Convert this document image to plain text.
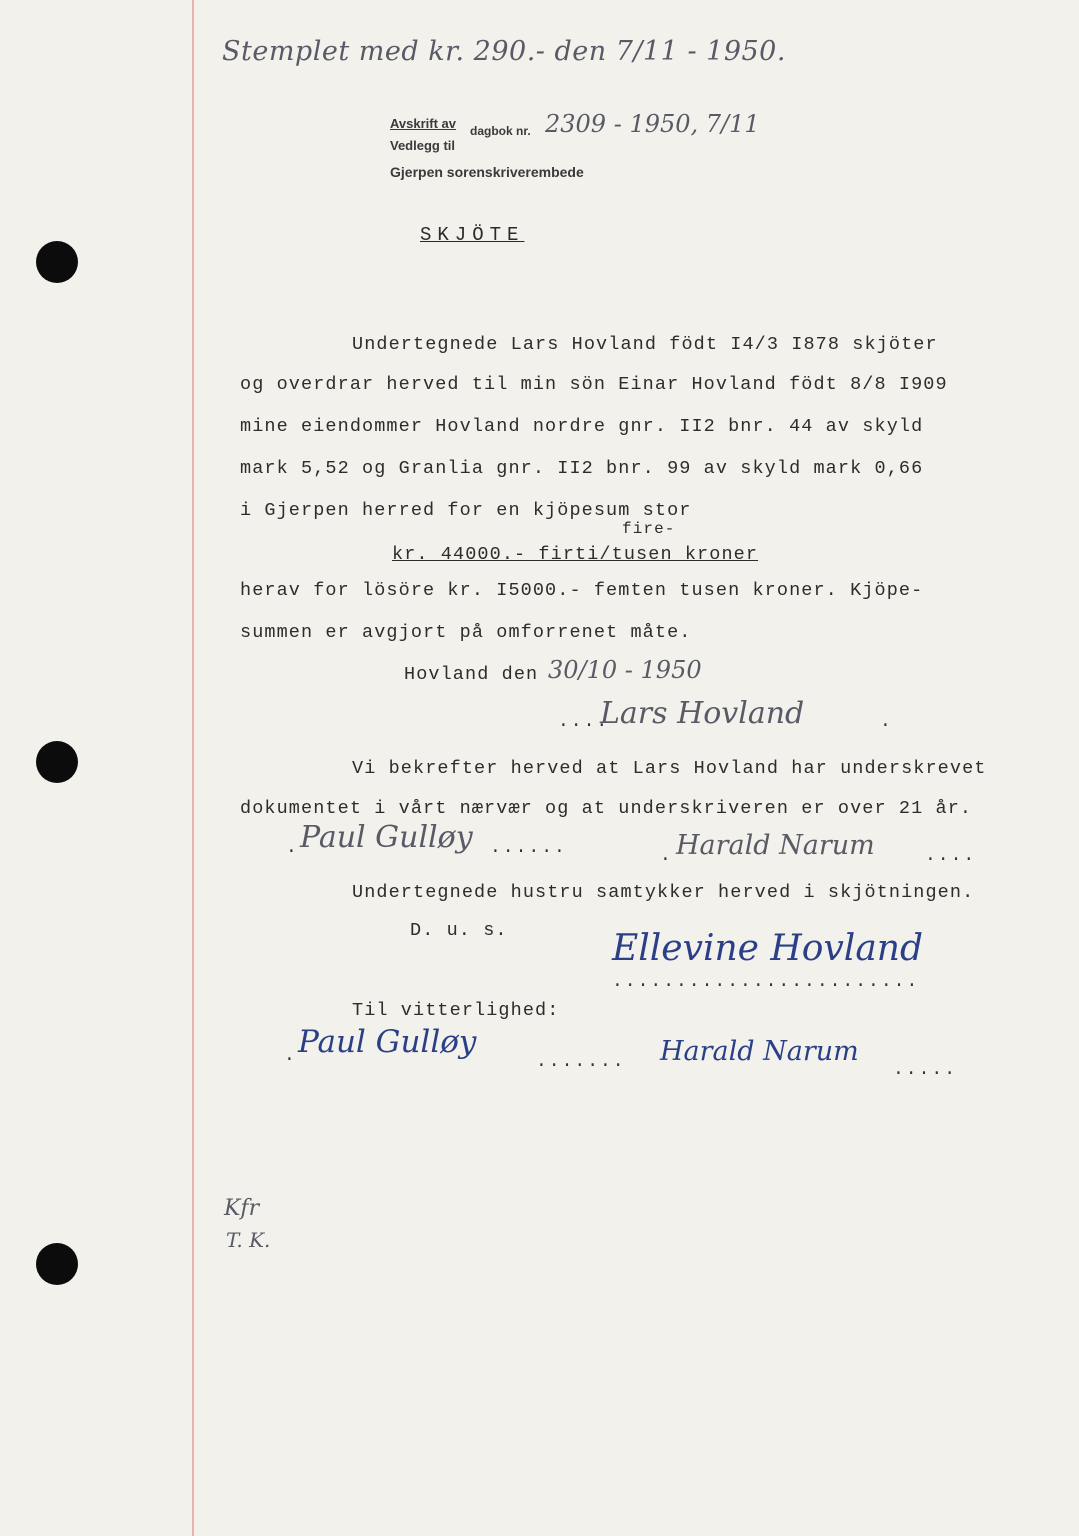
Stemplet med kr. 290.- den 7/11 - 1950.
Avskrift av dagbok nr. 2309 - 1950, 7/11
Vedlegg til
Gjerpen sorenskriverembede
SKJÖTE
Undertegnede Lars Hovland födt I4/3 I878 skjöter
og overdrar herved til min sön Einar Hovland födt 8/8 I909
mine eiendommer Hovland nordre gnr. II2 bnr. 44 av skyld
mark 5,52 og Granlia gnr. II2 bnr. 99 av skyld mark 0,66
i Gjerpen herred for en kjöpesum stor
fire-
kr. 44000.- firti/tusen kroner
herav for lösöre kr. I5000.- femten tusen kroner. Kjöpe-
summen er avgjort på omforrenet måte.
Hovland den 30/10 - 1950
....
Lars Hovland	.
Vi bekrefter herved at Lars Hovland har underskrevet
dokumentet i vårt nærvær og at underskriveren er over 21 år.
. Paul Gulløy ......	. Harald Narum	....
Undertegnede hustru samtykker herved i skjötningen.
D. u. s.	Ellevine Hovland
........................
Til vitterlighed:
. Paul Gulløy
....... Harald Narum
.....
Kfr
T. K.
